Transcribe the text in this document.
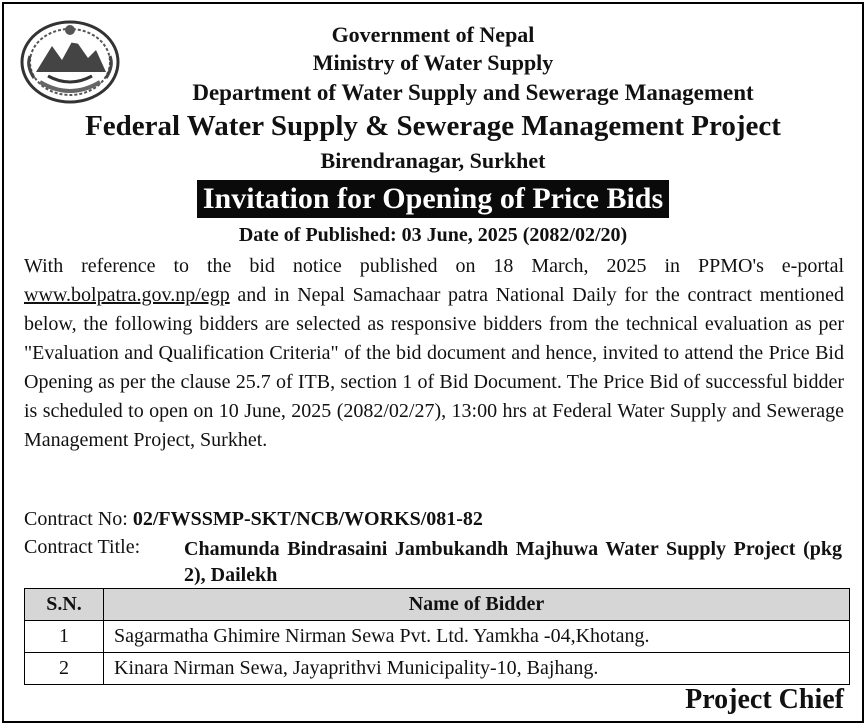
Government of Nepal
Ministry of Water Supply
Department of Water Supply and Sewerage Management
Federal Water Supply & Sewerage Management Project
Birendranagar, Surkhet
Invitation for Opening of Price Bids
Date of Published: 03 June, 2025 (2082/02/20)
With reference to the bid notice published on 18 March, 2025 in PPMO's e-portal www.bolpatra.gov.np/egp and in Nepal Samachaar patra National Daily for the contract mentioned below, the following bidders are selected as responsive bidders from the technical evaluation as per "Evaluation and Qualification Criteria" of the bid document and hence, invited to attend the Price Bid Opening as per the clause 25.7 of ITB, section 1 of Bid Document. The Price Bid of successful bidder is scheduled to open on 10 June, 2025 (2082/02/27), 13:00 hrs at Federal Water Supply and Sewerage Management Project, Surkhet.
Contract No: 02/FWSSMP-SKT/NCB/WORKS/081-82
Contract Title: Chamunda Bindrasaini Jambukandh Majhuwa Water Supply Project (pkg 2), Dailekh
S.N.	Name of Bidder
1	Sagarmatha Ghimire Nirman Sewa Pvt. Ltd. Yamkha -04,Khotang.
2	Kinara Nirman Sewa, Jayaprithvi Municipality-10, Bajhang.
Project Chief
